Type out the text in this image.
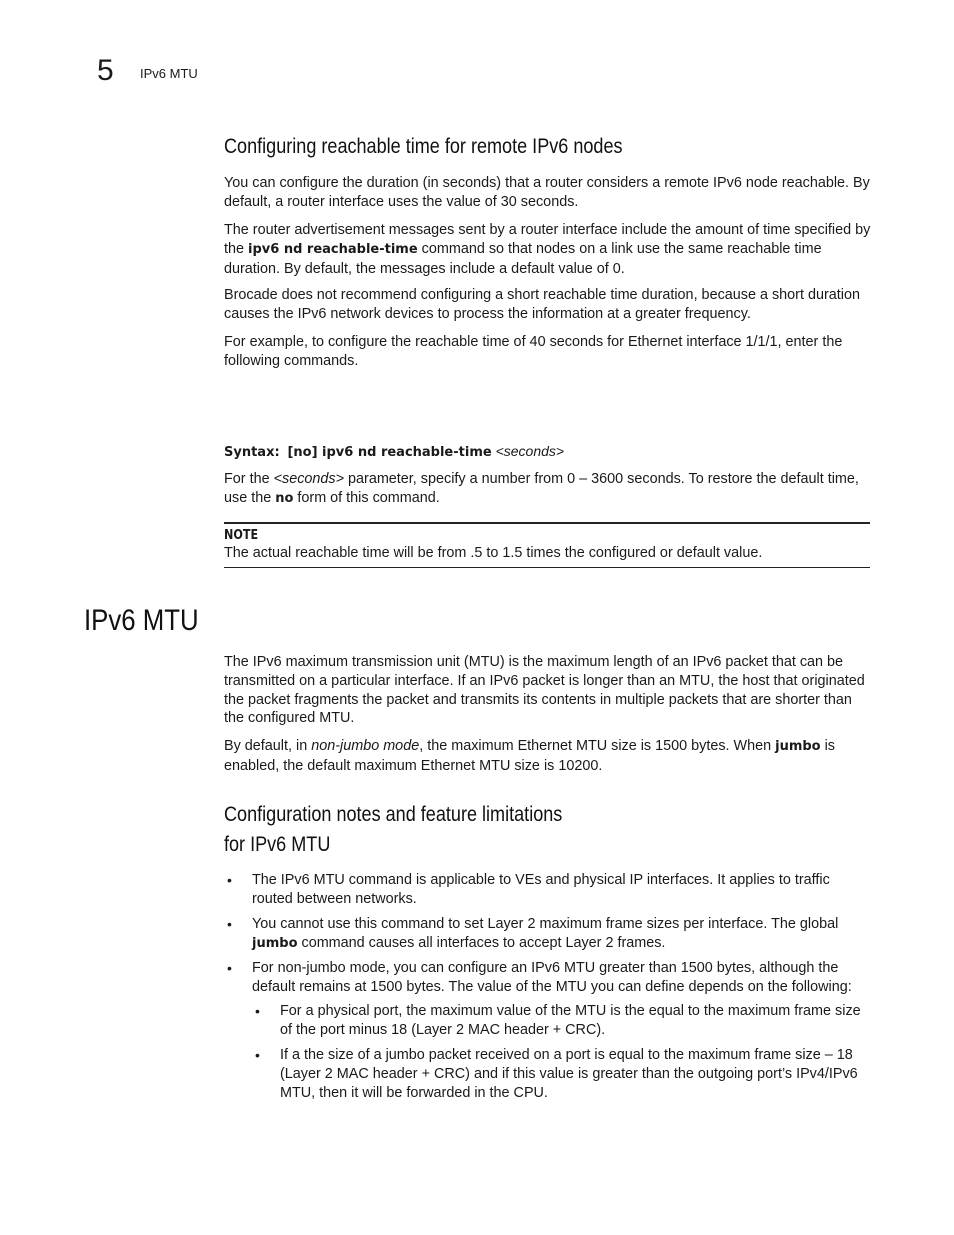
5 IPv6 MTU
Configuring reachable time for remote IPv6 nodes

You can configure the duration (in seconds) that a router considers a remote IPv6 node reachable. By default, a router interface uses the value of 30 seconds.

The router advertisement messages sent by a router interface include the amount of time specified by the ipv6 nd reachable-time command so that nodes on a link use the same reachable time duration. By default, the messages include a default value of 0.

Brocade does not recommend configuring a short reachable time duration, because a short duration causes the IPv6 network devices to process the information at a greater frequency.

For example, to configure the reachable time of 40 seconds for Ethernet interface 1/1/1, enter the following commands.

Syntax: [no] ipv6 nd reachable-time <seconds>

For the <seconds> parameter, specify a number from 0 – 3600 seconds. To restore the default time, use the no form of this command.

NOTE

The actual reachable time will be from .5 to 1.5 times the configured or default value.

IPv6 MTU

The IPv6 maximum transmission unit (MTU) is the maximum length of an IPv6 packet that can be transmitted on a particular interface. If an IPv6 packet is longer than an MTU, the host that originated the packet fragments the packet and transmits its contents in multiple packets that are shorter than the configured MTU.

By default, in non-jumbo mode, the maximum Ethernet MTU size is 1500 bytes. When jumbo is enabled, the default maximum Ethernet MTU size is 10200.

Configuration notes and feature limitations
for IPv6 MTU
• The IPv6 MTU command is applicable to VEs and physical IP interfaces. It applies to traffic routed between networks.

• You cannot use this command to set Layer 2 maximum frame sizes per interface. The global jumbo command causes all interfaces to accept Layer 2 frames.

• For non-jumbo mode, you can configure an IPv6 MTU greater than 1500 bytes, although the default remains at 1500 bytes. The value of the MTU you can define depends on the following:

• For a physical port, the maximum value of the MTU is the equal to the maximum frame size of the port minus 18 (Layer 2 MAC header + CRC).

• If a the size of a jumbo packet received on a port is equal to the maximum frame size – 18 (Layer 2 MAC header + CRC) and if this value is greater than the outgoing port’s IPv4/IPv6 MTU, then it will be forwarded in the CPU.
